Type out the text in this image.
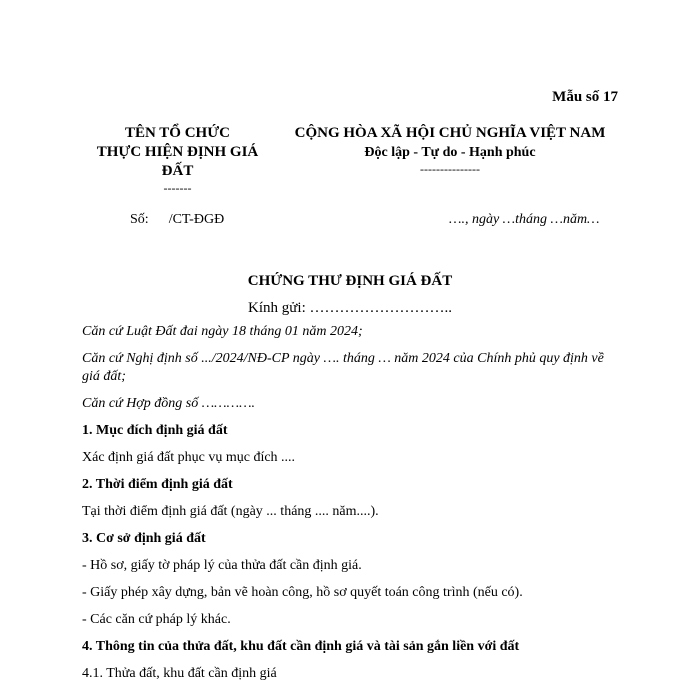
Mẫu số 17
TÊN TỔ CHỨC
THỰC HIỆN ĐỊNH GIÁ
ĐẤT
-------
CỘNG HÒA XÃ HỘI CHỦ NGHĨA VIỆT NAM
Độc lập - Tự do - Hạnh phúc
---------------
Số: /CT-ĐGĐ	…., ngày …tháng …năm…
CHỨNG THƯ ĐỊNH GIÁ ĐẤT
Kính gửi: ………………………..

Căn cứ Luật Đất đai ngày 18 tháng 01 năm 2024;

Căn cứ Nghị định số .../2024/NĐ-CP ngày …. tháng … năm 2024 của Chính phủ quy định về giá đất;

Căn cứ Hợp đồng số ………….

1. Mục đích định giá đất

Xác định giá đất phục vụ mục đích ....

2. Thời điểm định giá đất

Tại thời điểm định giá đất (ngày ... tháng .... năm....).

3. Cơ sở định giá đất

- Hồ sơ, giấy tờ pháp lý của thửa đất cần định giá.

- Giấy phép xây dựng, bản vẽ hoàn công, hồ sơ quyết toán công trình (nếu có).

- Các căn cứ pháp lý khác.

4. Thông tin của thửa đất, khu đất cần định giá và tài sản gắn liền với đất

4.1. Thửa đất, khu đất cần định giá
